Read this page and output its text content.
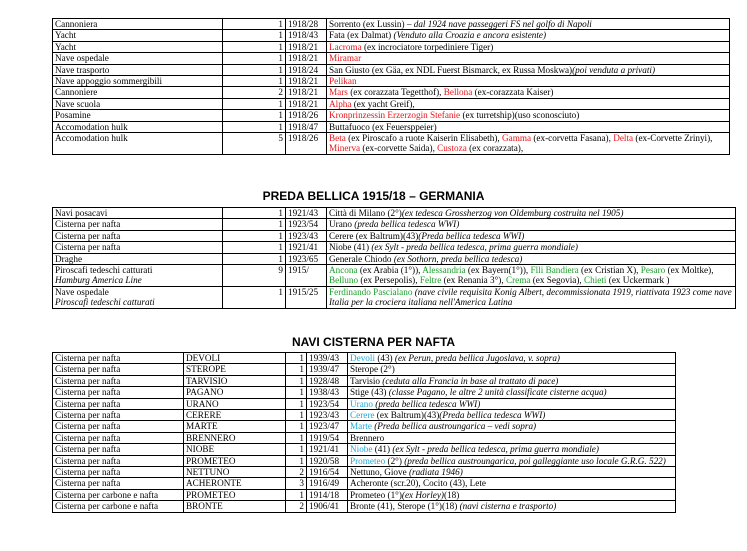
Cannoniera	1	1918/28	Sorrento (ex Lussin) – dal 1924 nave passeggeri FS nel golfo di Napoli

Yacht	1	1918/43	Fata (ex Dalmat) (Venduto alla Croazia e ancora esistente)

Yacht	1	1918/21	Lacroma (ex incrociatore torpediniere Tiger)

Nave ospedale	1	1918/21	Miramar

Nave trasporto	1	1918/24	San Giusto (ex Gäa, ex NDL Fuerst Bismarck, ex Russa Moskwa)(poi venduta a privati)

Nave appoggio sommergibili	1	1918/21	Pelikan

Cannoniere	2	1918/21	Mars (ex corazzata Tegetthof), Bellona (ex-corazzata Kaiser)

Nave scuola	1	1918/21	Alpha (ex yacht Greif),

Posamine	1	1918/26	Kronprinzessin Erzerzogin Stefanie (ex turretship)(uso sconosciuto)

Accomodation hulk	1	1918/47	Buttafuoco (ex Feuersppeier)

Accomodation hulk	5	1918/26	Beta (ex Piroscafo a ruote Kaiserin Elisabeth), Gamma (ex-corvetta Fasana), Delta (ex-Corvette Zrinyi), Minerva (ex-corvette Saida), Custoza (ex corazzata),
PREDA BELLICA 1915/18 – GERMANIA
Navi posacavi	1	1921/43	Città di Milano (2°)(ex tedesca Grossherzog von Oldemburg costruita nel 1905)

Cisterna per nafta	1	1923/54	Urano (preda bellica tedesca WWI)

Cisterna per nafta	1	1923/43	Cerere (ex Baltrum)(43)(Preda bellica tedesca WWI)

Cisterna per nafta	1	1921/41	Niobe (41) (ex Sylt - preda bellica tedesca, prima guerra mondiale)

Draghe	1	1923/65	Generale Chiodo (ex Sothorn, preda bellica tedesca)

Piroscafi tedeschi catturati
Hamburg America Line	9	1915/	Ancona (ex Arabia (1°)), Alessandria (ex Bayern(1°)), Flli Bandiera (ex Cristian X), Pesaro (ex Moltke), Belluno (ex Persepolis), Feltre (ex Renania 3°), Crema (ex Segovia), Chieti (ex Uckermark )

Nave ospedale
Piroscafi tedeschi catturati	1	1915/25	Ferdinando Pascialano (nave civile requisita Konig Albert, decommissionata 1919, riattivata 1923 come nave Italia per la crociera italiana nell'America Latina
NAVI CISTERNA PER NAFTA
Cisterna per nafta	DEVOLI	1	1939/43	Devoli (43) (ex Perun, preda bellica Jugoslava, v. sopra)

Cisterna per nafta	STEROPE	1	1939/47	Sterope (2°)

Cisterna per nafta	TARVISIO	1	1928/48	Tarvisio (ceduta alla Francia in base al trattato di pace)

Cisterna per nafta	PAGANO	1	1938/43	Stige (43) (classe Pagano, le altre 2 unità classificate cisterne acqua)

Cisterna per nafta	URANO	1	1923/54	Urano (preda bellica tedesca WWI)

Cisterna per nafta	CERERE	1	1923/43	Cerere (ex Baltrum)(43)(Preda bellica tedesca WWI)

Cisterna per nafta	MARTE	1	1923/47	Marte (Preda bellica austroungarica – vedi sopra)

Cisterna per nafta	BRENNERO	1	1919/54	Brennero

Cisterna per nafta	NIOBE	1	1921/41	Niobe (41) (ex Sylt - preda bellica tedesca, prima guerra mondiale)

Cisterna per nafta	PROMETEO	1	1920/58	Prometeo (2°) (preda bellica austroungarica, poi galleggiante uso locale G.R.G. 522)

Cisterna per nafta	NETTUNO	2	1916/54	Nettuno, Giove (radiata 1946)

Cisterna per nafta	ACHERONTE	3	1916/49	Acheronte (scr.20), Cocito (43), Lete

Cisterna per carbone e nafta	PROMETEO	1	1914/18	Prometeo (1°)(ex Horley)(18)

Cisterna per carbone e nafta	BRONTE	2	1906/41	Bronte (41), Sterope (1°)(18) (navi cisterna e trasporto)
